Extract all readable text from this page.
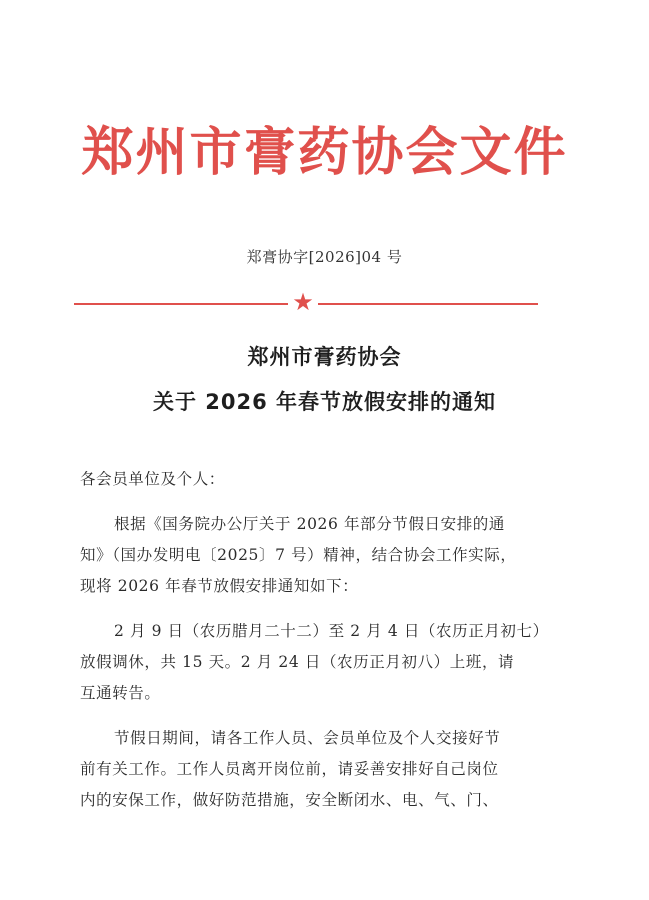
郑州市膏药协会文件
郑膏协字[2026]04 号
★
郑州市膏药协会
关于 2026 年春节放假安排的通知
各会员单位及个人：
根据《国务院办公厅关于 2026 年部分节假日安排的通
知》（国办发明电〔2025〕7 号）精神，结合协会工作实际，
现将 2026 年春节放假安排通知如下：
2 月 9 日（农历腊月二十二）至 2 月 4 日（农历正月初七）
放假调休，共 15 天。2 月 24 日（农历正月初八）上班，请
互通转告。
节假日期间，请各工作人员、会员单位及个人交接好节
前有关工作。工作人员离开岗位前，请妥善安排好自己岗位
内的安保工作，做好防范措施，安全断闭水、电、气、门、
